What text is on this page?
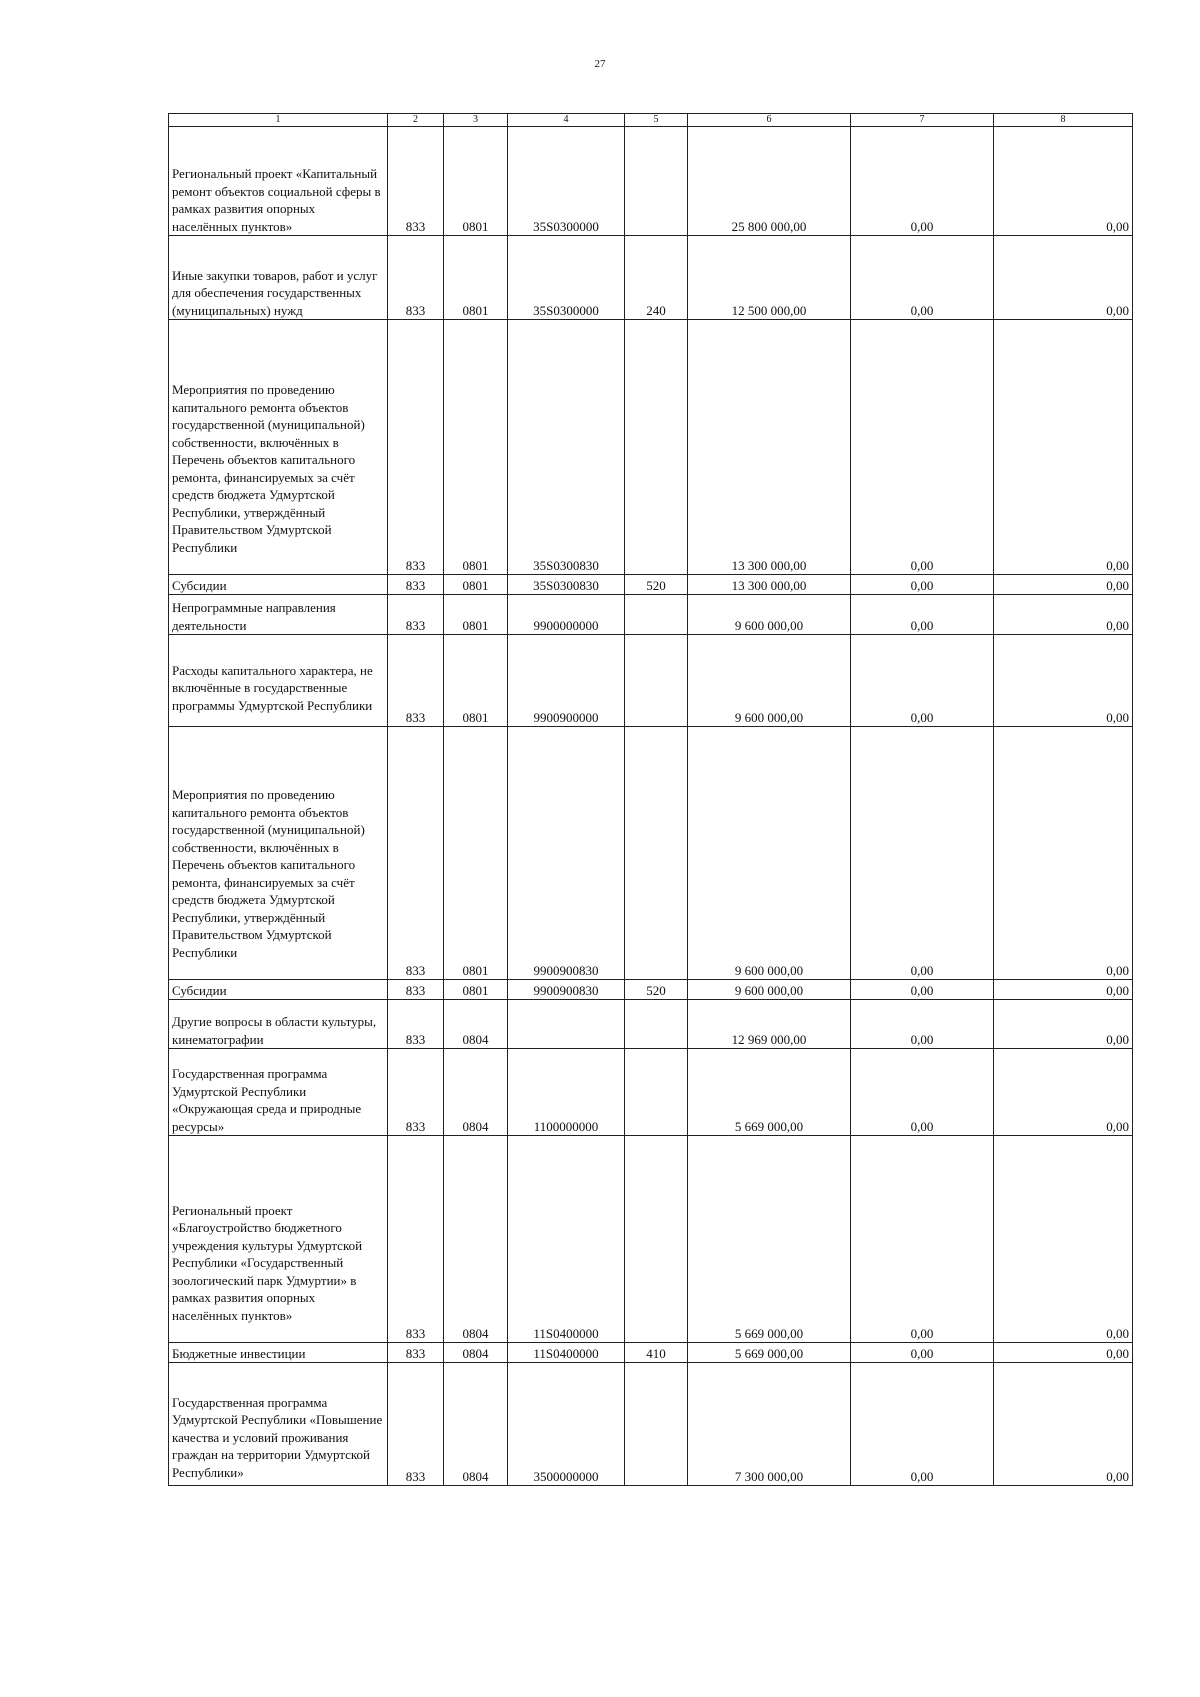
27
1	2	3	4	5	6	7	8
Региональный проект «Капитальный ремонт объектов социальной сферы в рамках развития опорных населённых пунктов»	833	0801	35S0300000		25 800 000,00	0,00	0,00
Иные закупки товаров, работ и услуг для обеспечения государственных (муниципальных) нужд	833	0801	35S0300000	240	12 500 000,00	0,00	0,00
Мероприятия по проведению капитального ремонта объектов государственной (муниципальной) собственности, включённых в Перечень объектов капитального ремонта, финансируемых за счёт средств бюджета Удмуртской Республики, утверждённый Правительством Удмуртской Республики	833	0801	35S0300830		13 300 000,00	0,00	0,00
Субсидии	833	0801	35S0300830	520	13 300 000,00	0,00	0,00
Непрограммные направления деятельности	833	0801	9900000000		9 600 000,00	0,00	0,00
Расходы капитального характера, не включённые в государственные программы Удмуртской Республики	833	0801	9900900000		9 600 000,00	0,00	0,00
Мероприятия по проведению капитального ремонта объектов государственной (муниципальной) собственности, включённых в Перечень объектов капитального ремонта, финансируемых за счёт средств бюджета Удмуртской Республики, утверждённый Правительством Удмуртской Республики	833	0801	9900900830		9 600 000,00	0,00	0,00
Субсидии	833	0801	9900900830	520	9 600 000,00	0,00	0,00
Другие вопросы в области культуры, кинематографии	833	0804			12 969 000,00	0,00	0,00
Государственная программа Удмуртской Республики «Окружающая среда и природные ресурсы»	833	0804	1100000000		5 669 000,00	0,00	0,00
Региональный проект «Благоустройство бюджетного учреждения культуры Удмуртской Республики «Государственный зоологический парк Удмуртии» в рамках развития опорных населённых пунктов»	833	0804	11S0400000		5 669 000,00	0,00	0,00
Бюджетные инвестиции	833	0804	11S0400000	410	5 669 000,00	0,00	0,00
Государственная программа Удмуртской Республики «Повышение качества и условий проживания граждан на территории Удмуртской Республики»	833	0804	3500000000		7 300 000,00	0,00	0,00
